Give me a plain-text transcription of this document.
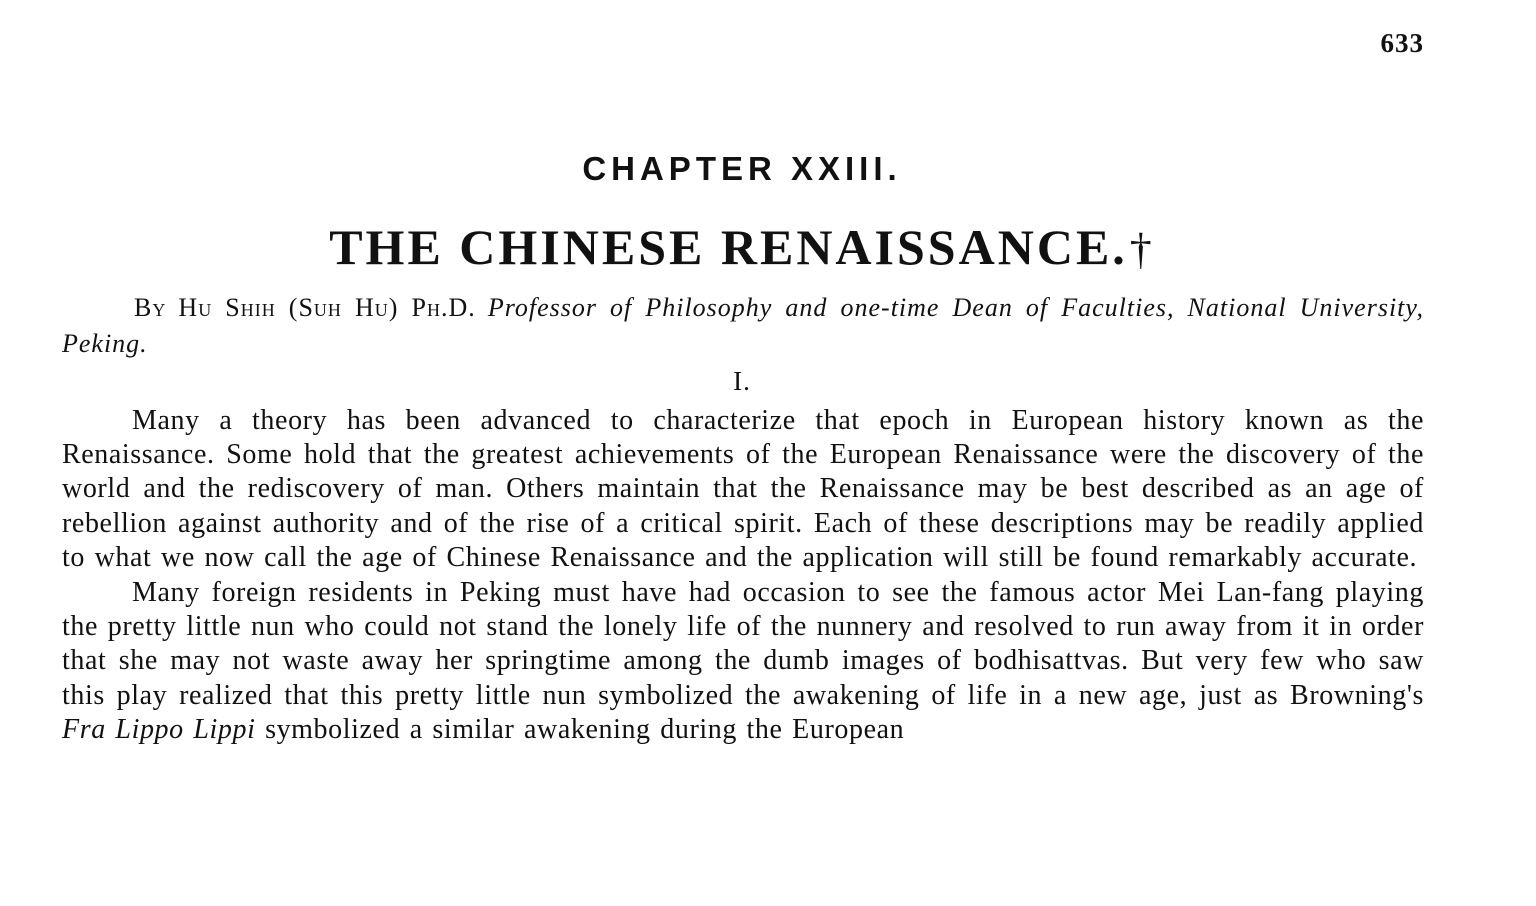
633
CHAPTER XXIII.
THE CHINESE RENAISSANCE.†
By Hu Shih (Suh Hu) Ph.D. Professor of Philosophy and one-time Dean of Faculties, National University, Peking.
I.

Many a theory has been advanced to characterize that epoch in European history known as the Renaissance. Some hold that the greatest achievements of the European Renaissance were the discovery of the world and the rediscovery of man. Others maintain that the Renaissance may be best described as an age of rebellion against authority and of the rise of a critical spirit. Each of these descriptions may be readily applied to what we now call the age of Chinese Renaissance and the application will still be found remarkably accurate.

Many foreign residents in Peking must have had occasion to see the famous actor Mei Lan-fang playing the pretty little nun who could not stand the lonely life of the nunnery and resolved to run away from it in order that she may not waste away her springtime among the dumb images of bodhisattvas. But very few who saw this play realized that this pretty little nun symbolized the awakening of life in a new age, just as Browning's Fra Lippo Lippi symbolized a similar awakening during the European
